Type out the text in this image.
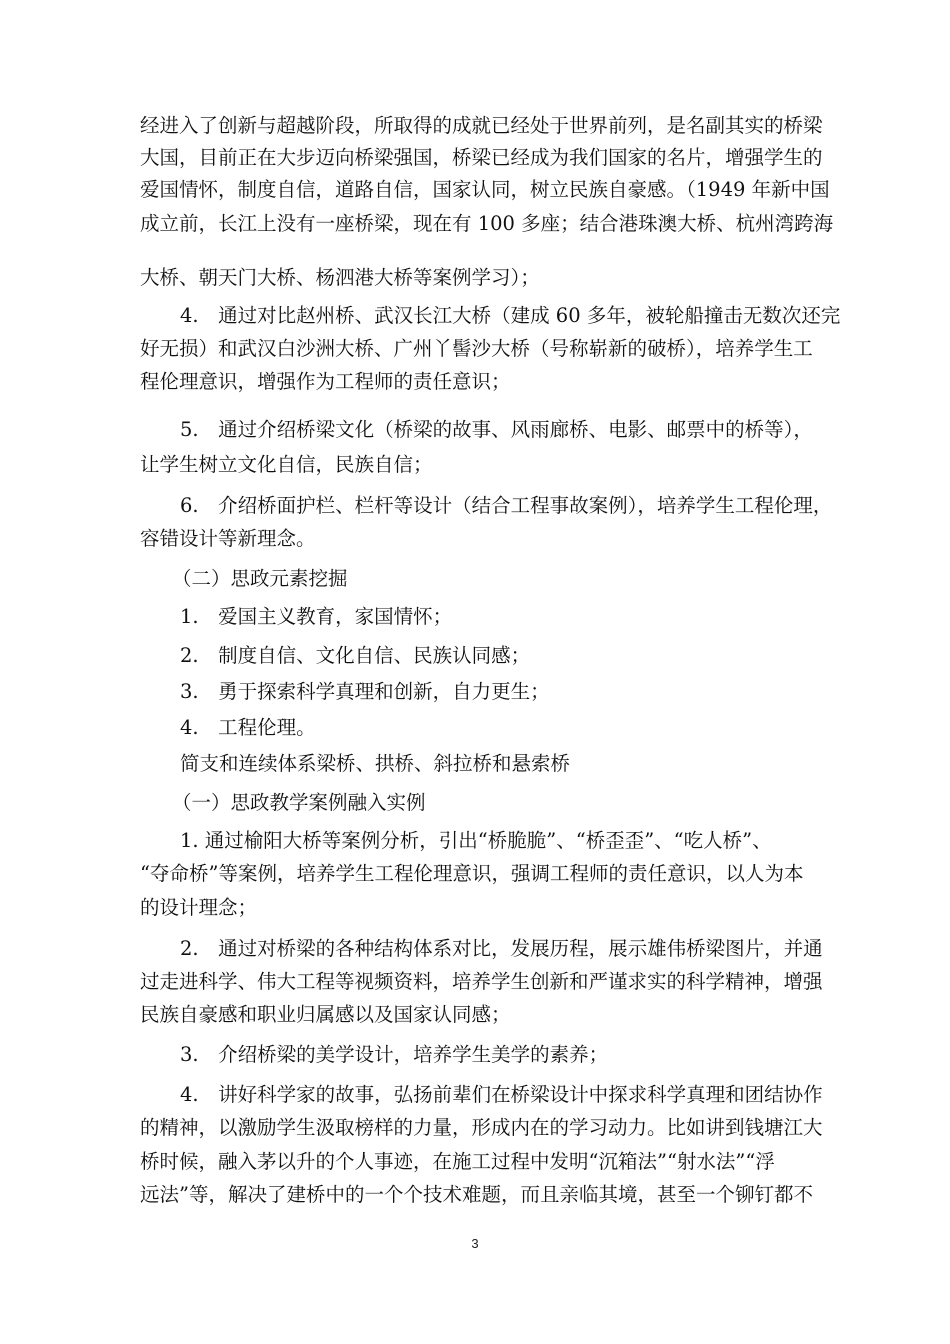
经进入了创新与超越阶段，所取得的成就已经处于世界前列，是名副其实的桥梁
大国，目前正在大步迈向桥梁强国，桥梁已经成为我们国家的名片，增强学生的
爱国情怀，制度自信，道路自信，国家认同，树立民族自豪感。（1949 年新中国
成立前，长江上没有一座桥梁，现在有 100 多座；结合港珠澳大桥、杭州湾跨海
大桥、朝天门大桥、杨泗港大桥等案例学习）；
4.　通过对比赵州桥、武汉长江大桥（建成 60 多年，被轮船撞击无数次还完
好无损）和武汉白沙洲大桥、广州丫髻沙大桥（号称崭新的破桥），培养学生工
程伦理意识，增强作为工程师的责任意识；
5.　通过介绍桥梁文化（桥梁的故事、风雨廊桥、电影、邮票中的桥等），
让学生树立文化自信，民族自信；
6.　介绍桥面护栏、栏杆等设计（结合工程事故案例），培养学生工程伦理，
容错设计等新理念。
（二）思政元素挖掘
1.　爱国主义教育，家国情怀；
2.　制度自信、文化自信、民族认同感；
3.　勇于探索科学真理和创新，自力更生；
4.　工程伦理。
简支和连续体系梁桥、拱桥、斜拉桥和悬索桥
（一）思政教学案例融入实例
1. 通过榆阳大桥等案例分析，引出“桥脆脆”、“桥歪歪”、“吃人桥”、
“夺命桥”等案例，培养学生工程伦理意识，强调工程师的责任意识，以人为本
的设计理念；
2.　通过对桥梁的各种结构体系对比，发展历程，展示雄伟桥梁图片，并通
过走进科学、伟大工程等视频资料，培养学生创新和严谨求实的科学精神，增强
民族自豪感和职业归属感以及国家认同感；
3.　介绍桥梁的美学设计，培养学生美学的素养；
4.　讲好科学家的故事，弘扬前辈们在桥梁设计中探求科学真理和团结协作
的精神，以激励学生汲取榜样的力量，形成内在的学习动力。比如讲到钱塘江大
桥时候，融入茅以升的个人事迹，在施工过程中发明“沉箱法”“射水法”“浮
远法”等，解决了建桥中的一个个技术难题，而且亲临其境，甚至一个铆钉都不
3
